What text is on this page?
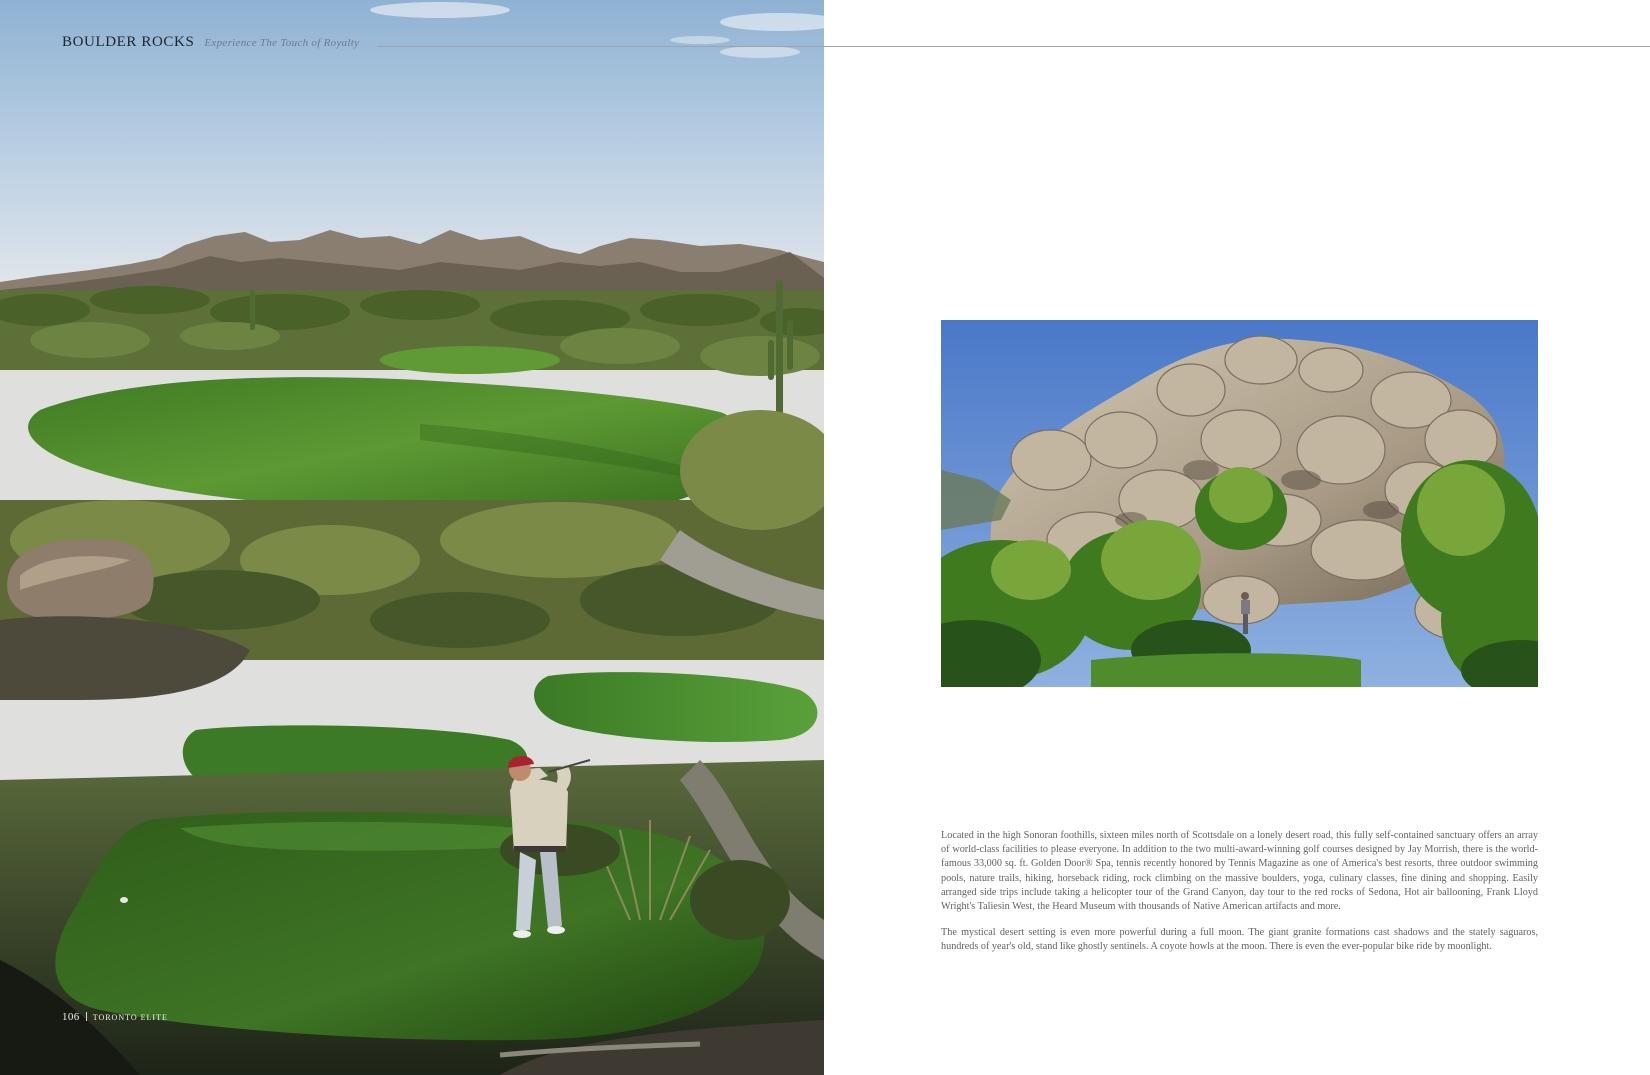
BOULDER ROCKS Experience The Touch of Royalty
106 TORONTO ELITE

Located in the high Sonoran foothills, sixteen miles north of Scottsdale on a lonely desert road, this fully self-contained sanctuary offers an array of world-class facilities to please everyone. In addition to the two multi-award-winning golf courses designed by Jay Morrish, there is the world-famous 33,000 sq. ft. Golden Door® Spa, tennis recently honored by Tennis Magazine as one of America's best resorts, three outdoor swimming pools, nature trails, hiking, horseback riding, rock climbing on the massive boulders, yoga, culinary classes, fine dining and shopping. Easily arranged side trips include taking a helicopter tour of the Grand Canyon, day tour to the red rocks of Sedona, Hot air ballooning, Frank Lloyd Wright's Taliesin West, the Heard Museum with thousands of Native American artifacts and more.

The mystical desert setting is even more powerful during a full moon. The giant granite formations cast shadows and the stately saguaros, hundreds of year's old, stand like ghostly sentinels. A coyote howls at the moon. There is even the ever-popular bike ride by moonlight.
